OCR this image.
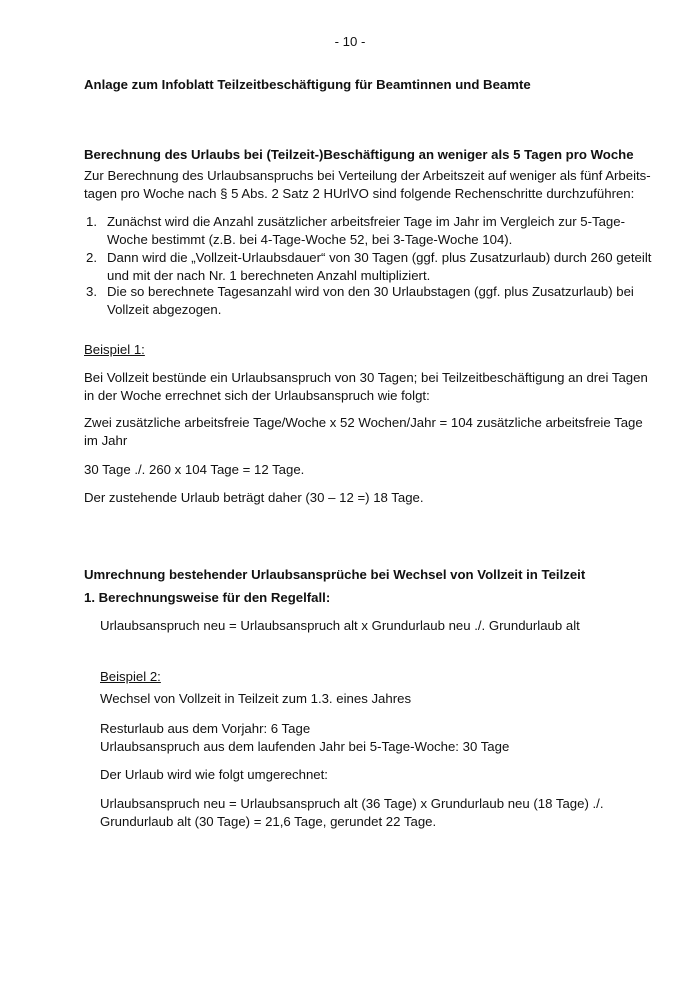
- 10 -
Anlage zum Infoblatt Teilzeitbeschäftigung für Beamtinnen und Beamte
Berechnung des Urlaubs bei (Teilzeit-)Beschäftigung an weniger als 5 Tagen pro Woche
Zur Berechnung des Urlaubsanspruchs bei Verteilung der Arbeitszeit auf weniger als fünf Arbeits-
tagen pro Woche nach § 5 Abs. 2 Satz 2 HUrlVO sind folgende Rechenschritte durchzuführen:
1. Zunächst wird die Anzahl zusätzlicher arbeitsfreier Tage im Jahr im Vergleich zur 5-Tage-
Woche bestimmt (z.B. bei 4-Tage-Woche 52, bei 3-Tage-Woche 104).
2. Dann wird die „Vollzeit-Urlaubsdauer“ von 30 Tagen (ggf. plus Zusatzurlaub) durch 260 geteilt
und mit der nach Nr. 1 berechneten Anzahl multipliziert.
3. Die so berechnete Tagesanzahl wird von den 30 Urlaubstagen (ggf. plus Zusatzurlaub) bei
Vollzeit abgezogen.
Beispiel 1:
Bei Vollzeit bestünde ein Urlaubsanspruch von 30 Tagen; bei Teilzeitbeschäftigung an drei Tagen
in der Woche errechnet sich der Urlaubsanspruch wie folgt:
Zwei zusätzliche arbeitsfreie Tage/Woche x 52 Wochen/Jahr = 104 zusätzliche arbeitsfreie Tage
im Jahr
30 Tage ./. 260 x 104 Tage = 12 Tage.
Der zustehende Urlaub beträgt daher (30 – 12 =) 18 Tage.
Umrechnung bestehender Urlaubsansprüche bei Wechsel von Vollzeit in Teilzeit
1. Berechnungsweise für den Regelfall:
Urlaubsanspruch neu = Urlaubsanspruch alt x Grundurlaub neu ./. Grundurlaub alt
Beispiel 2:
Wechsel von Vollzeit in Teilzeit zum 1.3. eines Jahres
Resturlaub aus dem Vorjahr: 6 Tage
Urlaubsanspruch aus dem laufenden Jahr bei 5-Tage-Woche: 30 Tage
Der Urlaub wird wie folgt umgerechnet:
Urlaubsanspruch neu = Urlaubsanspruch alt (36 Tage) x Grundurlaub neu (18 Tage) ./.
Grundurlaub alt (30 Tage) = 21,6 Tage, gerundet 22 Tage.
